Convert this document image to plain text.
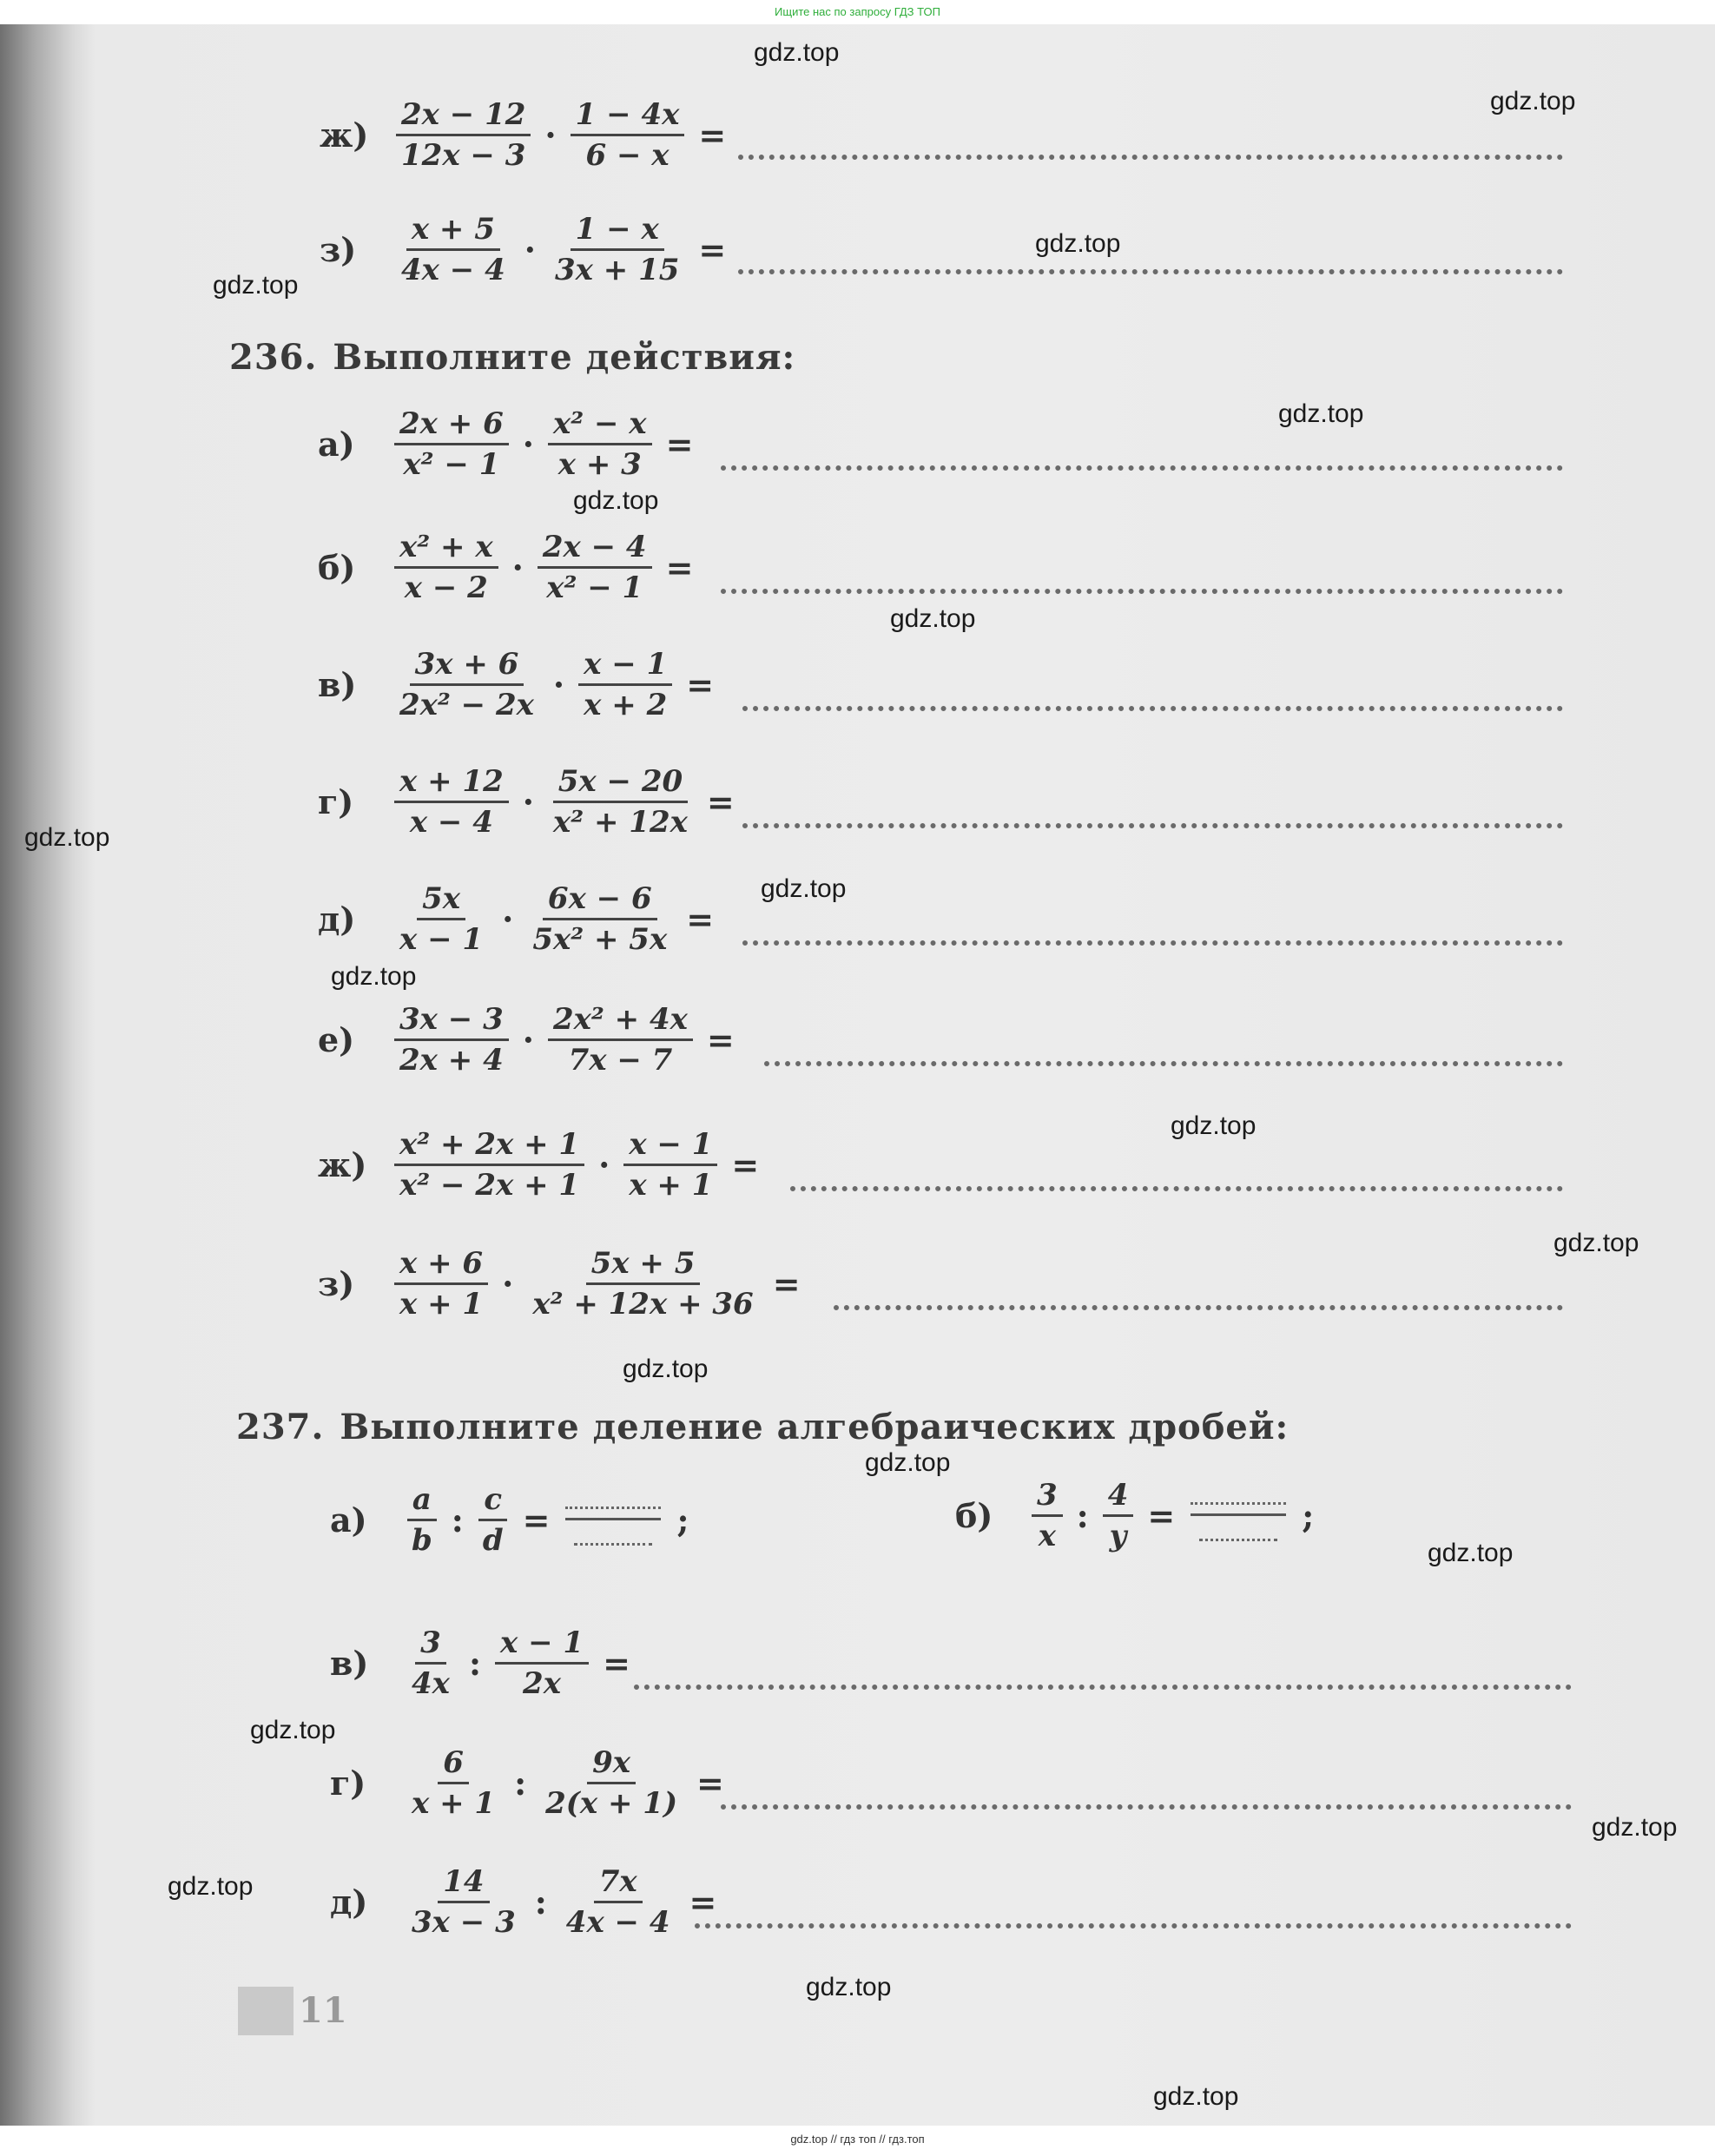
Ищите нас по запросу ГДЗ ТОП
$ж) \frac{2x - 12}{12x - 3} \cdot \frac{1 - 4x}{6 - x}$ =
з)	$\frac{x + 5}{4x - 4} \cdot \frac{1 - x}{3x + 15}$ =
236. Выполните действия:
а)	$\frac{2x + 6}{\text{x² − 1}} \cdot \frac{\text{x² − x}}{x + 3}$ =
б)	$\frac{\text{x² + x}}{x - 2} \cdot \frac{2x - 4}{\text{x² − 1}}$ =
в)	$\frac{3x + 6}{\text{2x² − 2x}} \cdot \frac{x - 1}{x + 2}$ =
г)	$\frac{x + 12}{x - 4} \cdot \frac{5x - 20}{\text{x² + 12x}}$ =
д)	$\frac{5x}{x - 1} \cdot \frac{6x - 6}{\text{5x² + 5x}}$ =
е)	$\frac{3x - 3}{2x + 4} \cdot \frac{\text{2x² + 4x}}{7x - 7}$ =
$ж) \frac{\text{x² + 2x + 1}}{\text{x² − 2x + 1}} \cdot \frac{x - 1}{x + 1}$ =
з)	$\frac{x + 6}{x + 1} \cdot \frac{5x + 5}{\text{x² + 12x + 36}}$ =
237. Выполните деление алгебраических дробей:
а)	$\frac{a}{b}$ : $\frac{c}{d}$ =	;	б)	$\frac{3}{x}$ : $\frac{4}{y}$ =	;
в)	$\frac{3}{4x}$ : $\frac{x - 1}{2x}$ =
г)	$\frac{6}{x + 1}$ : $\frac{9x}{2(x + 1)}$ =
д)	$\frac{14}{3x - 3}$ : $\frac{7x}{4x - 4}$ =
11
gdz.top
gdz.top
gdz.top
gdz.top
gdz.top
gdz.top
gdz.top
gdz.top
gdz.top
gdz.top
gdz.top
gdz.top
gdz.top
gdz.top
gdz.top
gdz.top
gdz.top
gdz.top
gdz.top
gdz.top
gdz.top // гдз топ // гдз.топ
